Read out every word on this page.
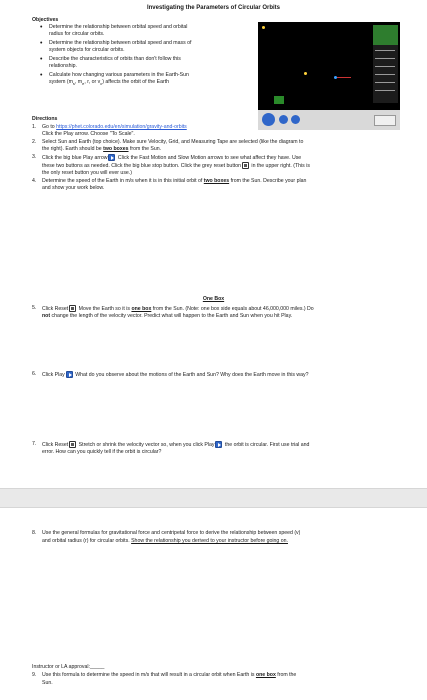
Investigating the Parameters of Circular Orbits
Objectives
• Determine the relationship between orbital speed and orbital
radius for circular orbits.
• Determine the relationship between orbital speed and mass of
system objects for circular orbits.
• Describe the characteristics of orbits than don't follow this
relationship.
• Calculate how changing various parameters in the Earth-Sun
system ($m_s$, $m_e$, r, or $v_c$) affects the orbit of the Earth
Directions
1. Go to https://phet.colorado.edu/en/simulation/gravity-and-orbits
Click the Play arrow. Choose "To Scale".
2. Select Sun and Earth (top choice). Make sure Velocity, Grid, and Measuring Tape are selected (like the diagram to
the right). Earth should be two boxes from the Sun.
3. Click the big blue Play arrow Click the Fast Motion and Slow Motion arrows to see what affect they have. Use
these two buttons as needed. Click the big blue stop button. Click the grey reset button in the upper right. (This is
the only reset button you will ever use.)
4. Determine the speed of the Earth in m/s when it is in this initial orbit of two boxes from the Sun. Describe your plan
and show your work below.
One Box
5. Click Reset Move the Earth so it is one box from the Sun. (Note: one box side equals about 46,000,000 miles.) Do
not change the length of the velocity vector. Predict what will happen to the Earth and Sun when you hit Play.
6. Click Play What do you observe about the motions of the Earth and Sun? Why does the Earth move in this way?
7. Click Reset Stretch or shrink the velocity vector so, when you click Play the orbit is circular. First use trial and
error. How can you quickly tell if the orbit is circular?
8. Use the general formulas for gravitational force and centripetal force to derive the relationship between speed (v)
and orbital radius (r) for circular orbits. Show the relationship you derived to your instructor before going on.
Instructor or LA approval:_____
9. Use this formula to determine the speed in m/s that will result in a circular orbit when Earth is one box from the
Sun.
